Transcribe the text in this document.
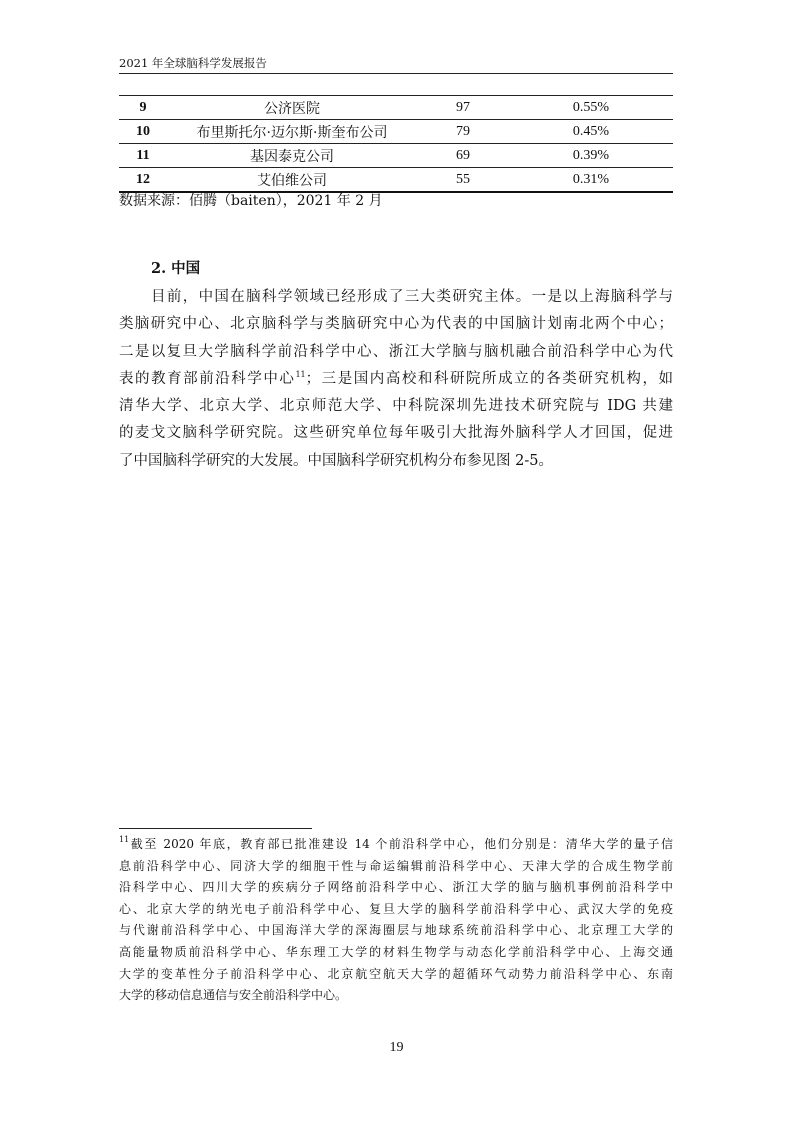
2021 年全球脑科学发展报告
9	公济医院	97	0.55%
10	布里斯托尔·迈尔斯·斯奎布公司	79	0.45%
11	基因泰克公司	69	0.39%
12	艾伯维公司	55	0.31%
数据来源：佰腾（baiten），2021 年 2 月
2. 中国
目前，中国在脑科学领域已经形成了三大类研究主体。一是以上海脑科学与
类脑研究中心、北京脑科学与类脑研究中心为代表的中国脑计划南北两个中心；
二是以复旦大学脑科学前沿科学中心、浙江大学脑与脑机融合前沿科学中心为代
表的教育部前沿科学中心$^{11}$；三是国内高校和科研院所成立的各类研究机构，如
清华大学、北京大学、北京师范大学、中科院深圳先进技术研究院与 IDG 共建
的麦戈文脑科学研究院。这些研究单位每年吸引大批海外脑科学人才回国，促进
了中国脑科学研究的大发展。中国脑科学研究机构分布参见图 2-5。
$^{11}$截至 2020 年底，教育部已批准建设 14 个前沿科学中心，他们分别是：清华大学的量子信
息前沿科学中心、同济大学的细胞干性与命运编辑前沿科学中心、天津大学的合成生物学前
沿科学中心、四川大学的疾病分子网络前沿科学中心、浙江大学的脑与脑机事例前沿科学中
心、北京大学的纳光电子前沿科学中心、复旦大学的脑科学前沿科学中心、武汉大学的免疫
与代谢前沿科学中心、中国海洋大学的深海圈层与地球系统前沿科学中心、北京理工大学的
高能量物质前沿科学中心、华东理工大学的材料生物学与动态化学前沿科学中心、上海交通
大学的变革性分子前沿科学中心、北京航空航天大学的超循环气动势力前沿科学中心、东南
大学的移动信息通信与安全前沿科学中心。
19
